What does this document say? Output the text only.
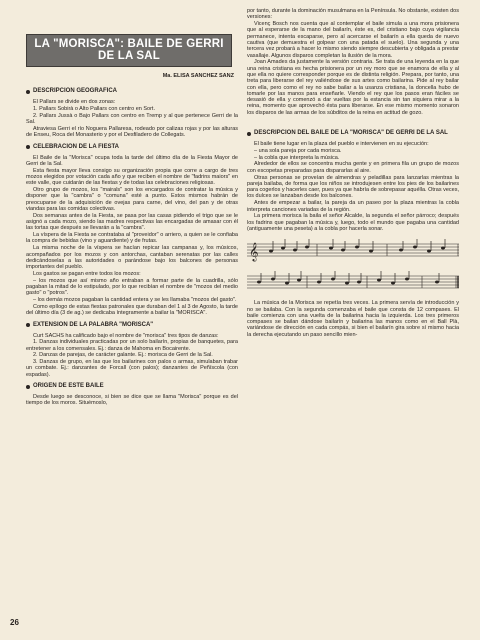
LA "MORISCA": BAILE DE GERRI DE LA SAL
Ma. ELISA SANCHEZ SANZ
DESCRIPCION GEOGRAFICA

El Pallars se divide en dos zonas:

1. Pallars Sobirà o Alto Pallars con centro en Sort.

2. Pallars Jussà o Bajo Pallars con centro en Tremp y al que pertenece Gerri de la Sal.

Atraviesa Gerri el río Noguera Pallaresa, rodeado por calizas rojas y por las alturas de Enseu, Roca del Monasterio y por el Desfiladero de Collegats.

CELEBRACION DE LA FIESTA

El Baile de la "Morisca" ocupa toda la tarde del último día de la Fiesta Mayor de Gerri de la Sal.

Esta fiesta mayor lleva consigo su organización propia que corre a cargo de tres mozos elegidos por votación cada año y que reciben el nombre de "fadrins maiors" en este valle, que cuidarán de las fiestas y de todas las celebraciones religiosas.

Otro grupo de mozos, los "mairals" son los encargados de contratar la música y disponer que la "cambra" o "comuna" esté a punto. Estos mismos habrán de preocuparse de la adquisición de ovejas para carne, del vino, del pan y de otras viandas para las comidas colectivas.

Dos semanas antes de la Fiesta, se pasa por las casas pidiendo el trigo que se le asignó a cada mozo, siendo las madres respectivas las encargadas de amasar con él las tortas que después se llevarán a la "cambra".

La víspera de la Fiesta se contrataba al "proveidor" o arriero, a quien se le confiaba la compra de bebidas (vino y aguardiente) y de frutas.

La misma noche de la víspera se hacían repicar las campanas y, los músicos, acompañados por los mozos y con antorchas, cantaban serenatas por las calles dedicándoselas a las autoridades o parándose bajo los balcones de personas importantes del pueblo.

Los gastos se pagan entre todos los mozos:

– los mozos que así mismo año entraban a formar parte de la cuadrilla, sólo pagaban la mitad de lo estipulado, por lo que recibían el nombre de "mozos del medio gasto" o "potros".

– los demás mozos pagaban la cantidad entera y se les llamaba "mozos del gasto".

Como epílogo de estas fiestas patronales que duraban del 1 al 3 de Agosto, la tarde del último día (3 de ag.) se dedicaba íntegramente a bailar la "MORISCA".

EXTENSION DE LA PALABRA "MORISCA"

Curt SACHS ha calificado bajo el nombre de "morisca" tres tipos de danzas:

1. Danzas individuales practicadas por un solo bailarín, propias de banquetes, para entretener a los comensales. Ej.: danza de Mahoma en Bocairente.

2. Danzas de parejas, de carácter galante. Ej.: morisca de Gerri de la Sal.

3. Danzas de grupo, en las que los bailarines con palos o armas, simulaban trabar un combate. Ej.: danzantes de Forcall (con palos); danzantes de Peñíscola (con espadas).

ORIGEN DE ESTE BAILE

Desde luego se desconoce, si bien se dice que se llama "Morisca" porque es del tiempo de los moros. Situémoslo,

por tanto, durante la dominación musulmana en la Península. No obstante, existen dos versiones:

Vicenç Bosch nos cuenta que al contemplar el baile simula a una mora prisionera que al esperarse de la mano del bailarín, éste es, del cristiano bajo cuya vigilancia permanece, intenta escaparse, pero al acercarse el bailarín a ella queda de nuevo cautiva (que demuestra el golpear con una patada el suelo). Una segunda y una tercera vez probará a hacer lo mismo siendo siempre descubierta y obligada a prestar vasallaje. Algunos disparos completan la ilusión de la mora.

Joan Amades da justamente la versión contraria. Se trata de una leyenda en la que una reina cristiana es hecha prisionera por un rey moro que se enamora de ella y al que ella no quiere corresponder porque es de distinta religión. Prepara, por tanto, una treta para liberarse del rey valiéndose de sus artes como bailarina. Pide al rey bailar con ella, pero como el rey no sabe bailar a la usanza cristiana, la doncella hubo de tomarle por las manos para enseñarle. Viendo el rey que los pasos eran fáciles se desasió de ella y comenzó a dar vueltas por la estancia sin tan siquiera mirar a la reina, momento que aprovechó ésta para liberarse. En ese mismo momento sonaron los disparos de las armas de los súbditos de la reina en actitud de gozo.

DESCRIPCION DEL BAILE DE LA "MORISCA" DE GERRI DE LA SAL

El baile tiene lugar en la plaza del pueblo e intervienen en su ejecución:

– una sola pareja por cada morisca.

– la cobla que interpreta la música.

Alrededor de ellos se concentra mucha gente y en primera fila un grupo de mozos con escopetas preparadas para dispararlas al aire.

Otras personas se proveían de almendras y peladillas para lanzarlas mientras la pareja bailaba, de forma que los niños se introdujesen entre los pies de los bailarines para cogerlos y hacerles caer, pues ya que habría de sobrepasar aquélla. Otras veces, los dulces se lanzaban desde los balcones.

Antes de empezar a bailar, la pareja da un paseo por la plaza mientras la cobla interpreta canciones variadas de la región.

La primera morisca la baila el señor Alcalde, la segunda el señor párroco; después los fadrins que pagaban la música y, luego, todo el mundo que pagaba una cantidad (antiguamente una peseta) a la cobla por hacerla sonar.

𝄞

La música de la Morisca se repetía tres veces. La primera servía de introducción y no se bailaba. Con la segunda comenzaba el baile que consta de 12 compases. El baile comienza con una vuelta de la bailarina hacia la izquierda. Los tres primeros compases se bailan dándose bailarín y bailarina las manos como en el Ball Plà, variándose de dirección en cada compás, si bien el bailarín gira sobre sí mismo hacia la derecha ejecutando un paso sencillo mien-

26
